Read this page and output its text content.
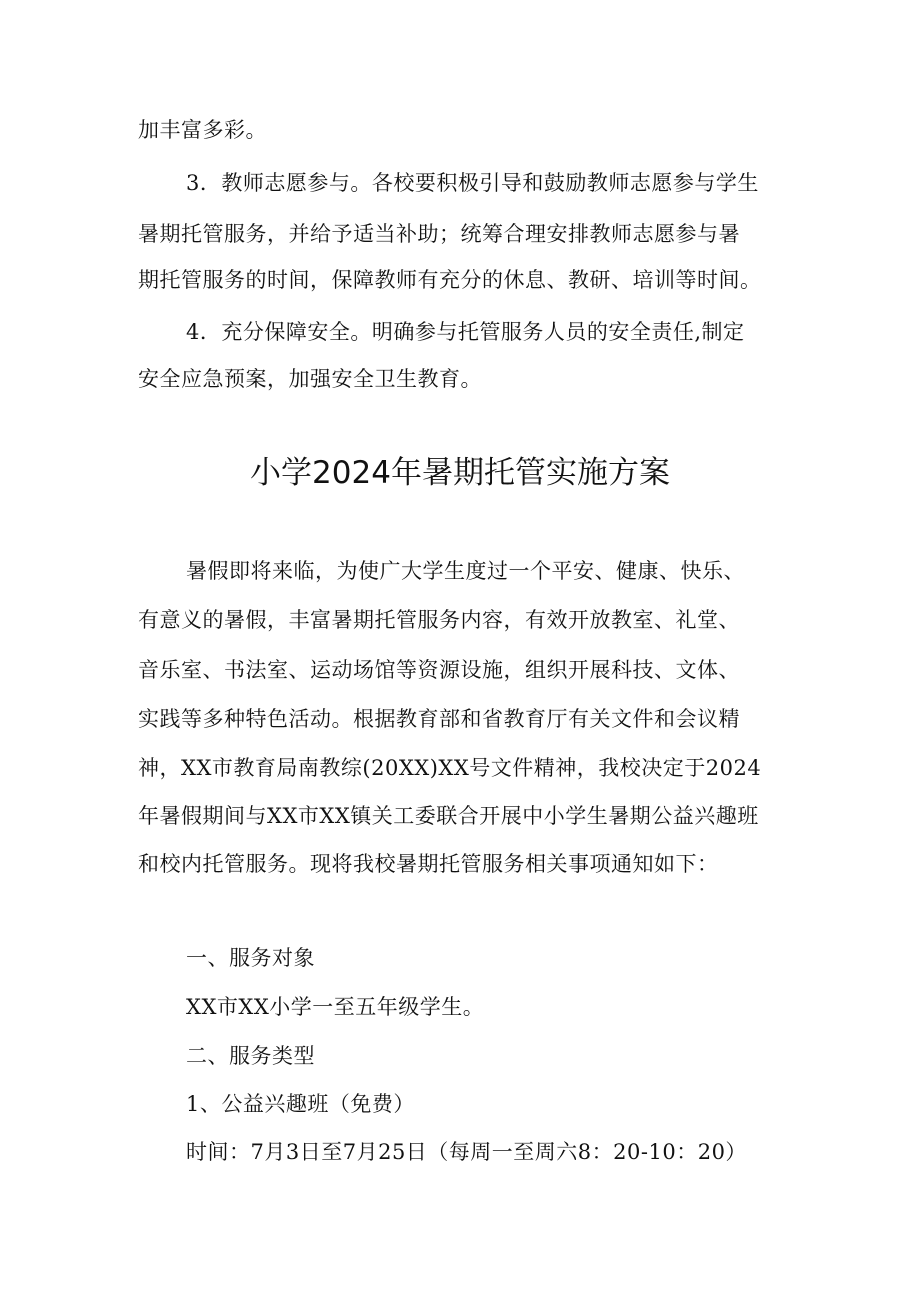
加丰富多彩。
3．教师志愿参与。各校要积极引导和鼓励教师志愿参与学生
暑期托管服务，并给予适当补助；统筹合理安排教师志愿参与暑
期托管服务的时间，保障教师有充分的休息、教研、培训等时间。
4．充分保障安全。明确参与托管服务人员的安全责任,制定
安全应急预案，加强安全卫生教育。
小学2024年暑期托管实施方案
暑假即将来临，为使广大学生度过一个平安、健康、快乐、
有意义的暑假，丰富暑期托管服务内容，有效开放教室、礼堂、
音乐室、书法室、运动场馆等资源设施，组织开展科技、文体、
实践等多种特色活动。根据教育部和省教育厅有关文件和会议精
神，XX市教育局南教综(20XX)XX号文件精神，我校决定于2024
年暑假期间与XX市XX镇关工委联合开展中小学生暑期公益兴趣班
和校内托管服务。现将我校暑期托管服务相关事项通知如下：
一、服务对象
XX市XX小学一至五年级学生。
二、服务类型
1、公益兴趣班（免费）
时间：7月3日至7月25日（每周一至周六8：20-10：20）
